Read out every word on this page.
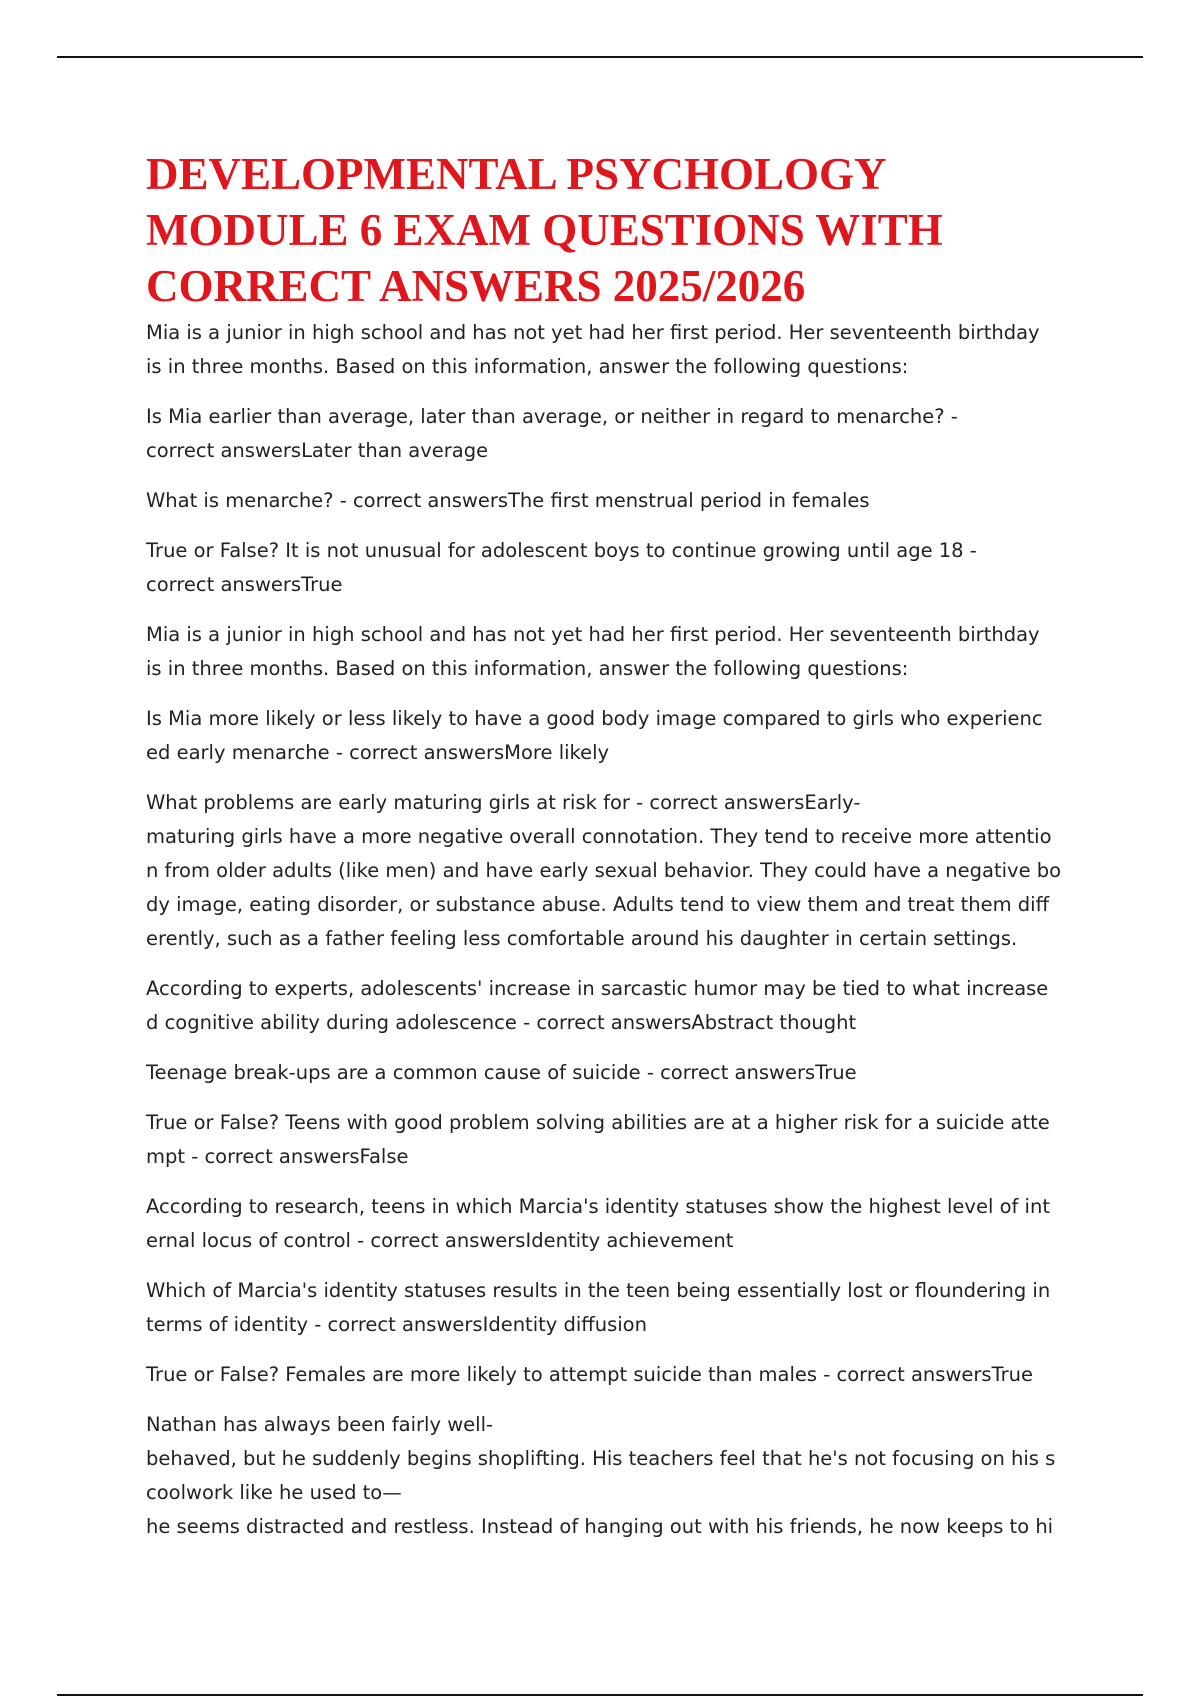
DEVELOPMENTAL PSYCHOLOGY
MODULE 6 EXAM QUESTIONS WITH
CORRECT ANSWERS 2025/2026

Mia is a junior in high school and has not yet had her first period. Her seventeenth birthday
is in three months. Based on this information, answer the following questions:

Is Mia earlier than average, later than average, or neither in regard to menarche? -
correct answersLater than average

What is menarche? - correct answersThe first menstrual period in females

True or False? It is not unusual for adolescent boys to continue growing until age 18 -
correct answersTrue

Mia is a junior in high school and has not yet had her first period. Her seventeenth birthday
is in three months. Based on this information, answer the following questions:

Is Mia more likely or less likely to have a good body image compared to girls who experienc
ed early menarche - correct answersMore likely

What problems are early maturing girls at risk for - correct answersEarly-
maturing girls have a more negative overall connotation. They tend to receive more attentio
n from older adults (like men) and have early sexual behavior. They could have a negative bo
dy image, eating disorder, or substance abuse. Adults tend to view them and treat them diff
erently, such as a father feeling less comfortable around his daughter in certain settings.

According to experts, adolescents' increase in sarcastic humor may be tied to what increase
d cognitive ability during adolescence - correct answersAbstract thought

Teenage break-ups are a common cause of suicide - correct answersTrue

True or False? Teens with good problem solving abilities are at a higher risk for a suicide atte
mpt - correct answersFalse

According to research, teens in which Marcia's identity statuses show the highest level of int
ernal locus of control - correct answersIdentity achievement

Which of Marcia's identity statuses results in the teen being essentially lost or floundering in
terms of identity - correct answersIdentity diffusion

True or False? Females are more likely to attempt suicide than males - correct answersTrue

Nathan has always been fairly well-
behaved, but he suddenly begins shoplifting. His teachers feel that he's not focusing on his s
coolwork like he used to—
he seems distracted and restless. Instead of hanging out with his friends, he now keeps to hi
